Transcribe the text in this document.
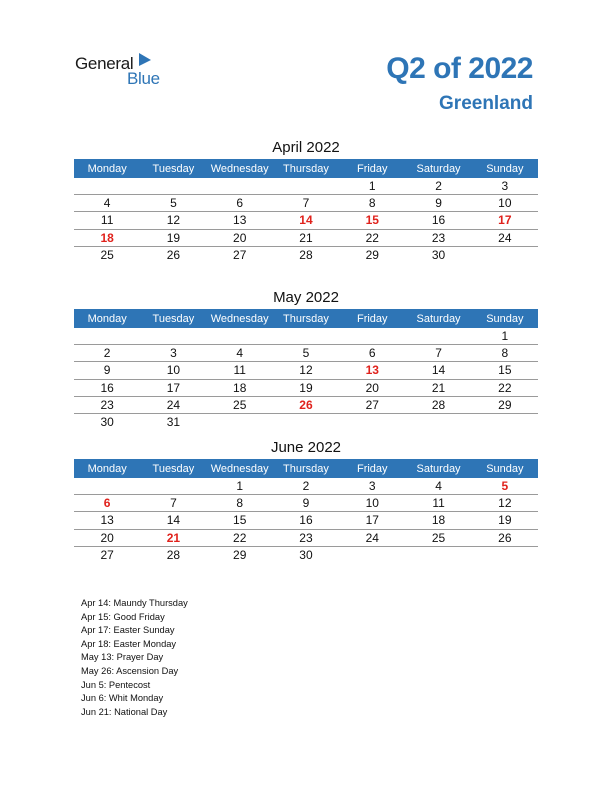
General
Blue	Q2 of 2022
Greenland
April 2022
Monday	Tuesday	Wednesday	Thursday	Friday	Saturday	Sunday
				1	2	3
4	5	6	7	8	9	10
11	12	13	14	15	16	17
18	19	20	21	22	23	24
25	26	27	28	29	30	
May 2022
Monday	Tuesday	Wednesday	Thursday	Friday	Saturday	Sunday
						1
2	3	4	5	6	7	8
9	10	11	12	13	14	15
16	17	18	19	20	21	22
23	24	25	26	27	28	29
30	31					
June 2022
Monday	Tuesday	Wednesday	Thursday	Friday	Saturday	Sunday
		1	2	3	4	5
6	7	8	9	10	11	12
13	14	15	16	17	18	19
20	21	22	23	24	25	26
27	28	29	30			
Apr 14: Maundy Thursday
Apr 15: Good Friday
Apr 17: Easter Sunday
Apr 18: Easter Monday
May 13: Prayer Day
May 26: Ascension Day
Jun 5: Pentecost
Jun 6: Whit Monday
Jun 21: National Day
